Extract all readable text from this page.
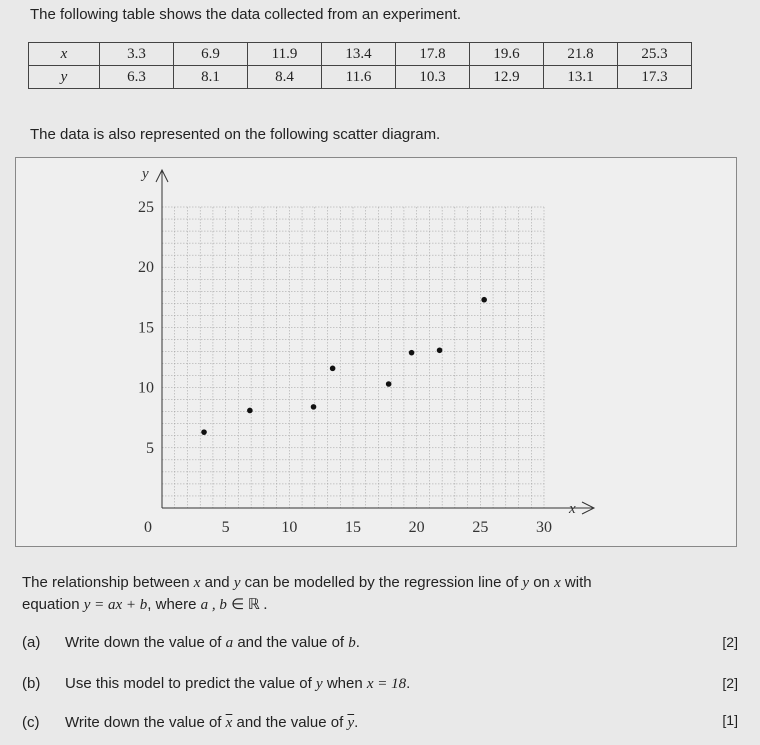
The following table shows the data collected from an experiment.
x	3.3	6.9	11.9	13.4	17.8	19.6	21.8	25.3
y	6.3	8.1	8.4	11.6	10.3	12.9	13.1	17.3
The data is also represented on the following scatter diagram.
x
y
5	10	15	20	25	30
5
10
15
20
25
0
The relationship between x and y can be modelled by the regression line of y on x with
equation y = ax + b, where a , b ∈ ℝ .
(a) Write down the value of a and the value of b.	[2]
(b) Use this model to predict the value of y when x = 18.	[2]
(c) Write down the value of $\overline{x}$ and the value of $\overline{y}$.	[1]
